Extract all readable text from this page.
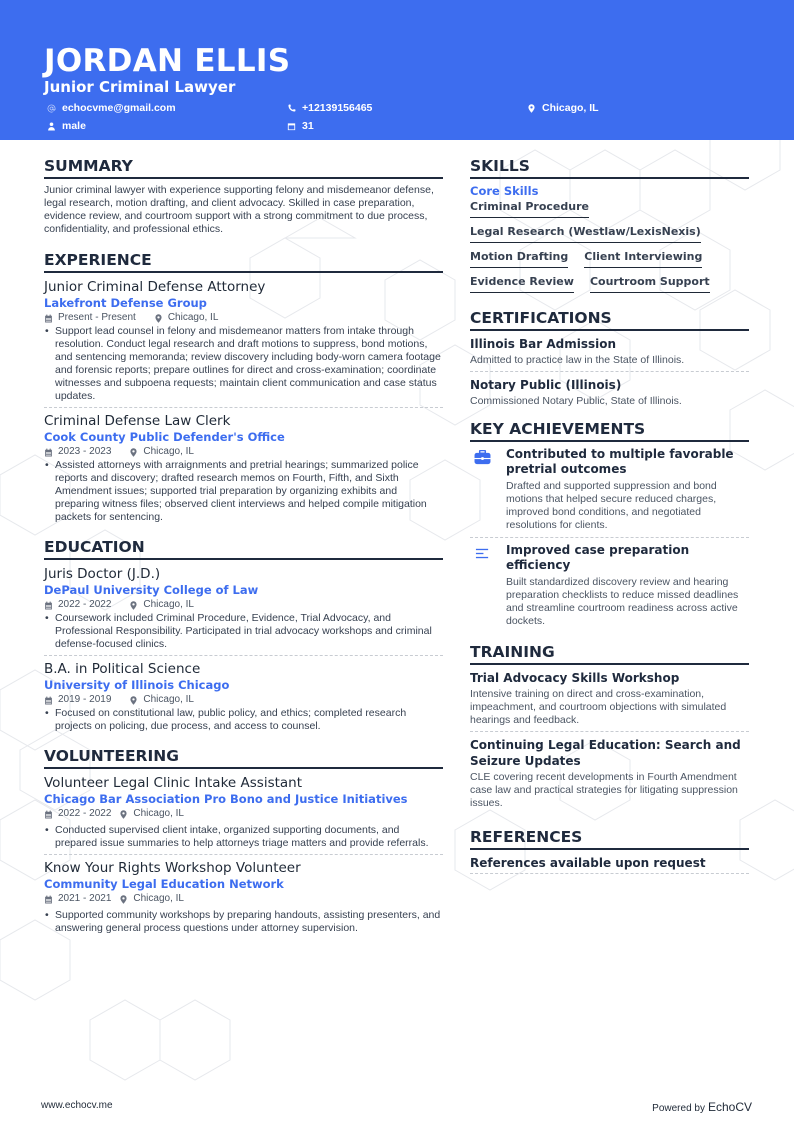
JORDAN ELLIS
Junior Criminal Lawyer
echocvme@gmail.com	+12139156465	Chicago, IL
male	31
SUMMARY

Junior criminal lawyer with experience supporting felony and misdemeanor defense, legal research, motion drafting, and client advocacy. Skilled in case preparation, evidence review, and courtroom support with a strong commitment to due process, confidentiality, and professional ethics.

EXPERIENCE
Junior Criminal Defense Attorney
Lakefront Defense Group
Present - Present	Chicago, IL
• Support lead counsel in felony and misdemeanor matters from intake through resolution. Conduct legal research and draft motions to suppress, bond motions, and sentencing memoranda; review discovery including body-worn camera footage and forensic reports; prepare outlines for direct and cross-examination; coordinate witnesses and subpoena requests; maintain client communication and case status updates.
Criminal Defense Law Clerk
Cook County Public Defender's Office
2023 - 2023	Chicago, IL
• Assisted attorneys with arraignments and pretrial hearings; summarized police reports and discovery; drafted research memos on Fourth, Fifth, and Sixth Amendment issues; supported trial preparation by organizing exhibits and preparing witness files; observed client interviews and helped compile mitigation packets for sentencing.
EDUCATION
Juris Doctor (J.D.)
DePaul University College of Law
2022 - 2022	Chicago, IL
• Coursework included Criminal Procedure, Evidence, Trial Advocacy, and Professional Responsibility. Participated in trial advocacy workshops and criminal defense-focused clinics.
B.A. in Political Science
University of Illinois Chicago
2019 - 2019	Chicago, IL
• Focused on constitutional law, public policy, and ethics; completed research projects on policing, due process, and access to counsel.
VOLUNTEERING
Volunteer Legal Clinic Intake Assistant
Chicago Bar Association Pro Bono and Justice Initiatives
2022 - 2022 Chicago, IL
• Conducted supervised client intake, organized supporting documents, and prepared issue summaries to help attorneys triage matters and provide referrals.
Know Your Rights Workshop Volunteer
Community Legal Education Network
2021 - 2021 Chicago, IL
• Supported community workshops by preparing handouts, assisting presenters, and answering general process questions under attorney supervision.
SKILLS
Core Skills
Criminal Procedure
Legal Research (Westlaw/LexisNexis)
Motion Drafting Client Interviewing
Evidence Review Courtroom Support
CERTIFICATIONS
Illinois Bar Admission
Admitted to practice law in the State of Illinois.
Notary Public (Illinois)
Commissioned Notary Public, State of Illinois.
KEY ACHIEVEMENTS
Contributed to multiple favorable pretrial outcomes
Drafted and supported suppression and bond motions that helped secure reduced charges, improved bond conditions, and negotiated resolutions for clients.
Improved case preparation efficiency
Built standardized discovery review and hearing preparation checklists to reduce missed deadlines and streamline courtroom readiness across active dockets.
TRAINING
Trial Advocacy Skills Workshop
Intensive training on direct and cross-examination, impeachment, and courtroom objections with simulated hearings and feedback.
Continuing Legal Education: Search and Seizure Updates
CLE covering recent developments in Fourth Amendment case law and practical strategies for litigating suppression issues.
REFERENCES
References available upon request
www.echocv.me	Powered by EchoCV
